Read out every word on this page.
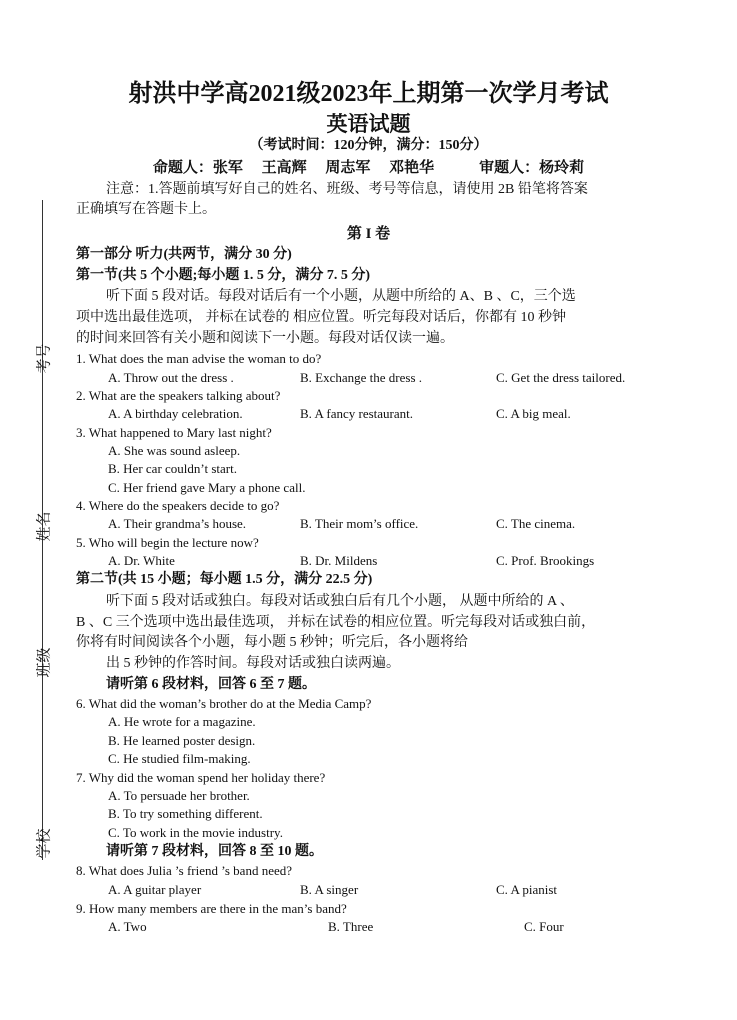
考号
姓名
班级
学校
射洪中学高2021级2023年上期第一次学月考试
英语试题
（考试时间：120分钟，满分：150分）
命题人：张军　 王高辉　 周志军　 邓艳华　　　审题人：杨玲莉
注意：1.答题前填写好自己的姓名、班级、考号等信息，请使用 2B 铅笔将答案
正确填写在答题卡上。
第 I 卷
第一部分 听力(共两节，满分 30 分)
第一节(共 5 个小题;每小题 1. 5 分，满分 7. 5 分)
听下面 5 段对话。每段对话后有一个小题，从题中所给的 A、B 、C，三个选
项中选出最佳选项， 并标在试卷的 相应位置。听完每段对话后，你都有 10 秒钟
的时间来回答有关小题和阅读下一小题。每段对话仅读一遍。
1. What does the man advise the woman to do?
A. Throw out the dress .	B. Exchange the dress .	C. Get the dress tailored.
2. What are the speakers talking about?
A. A birthday celebration.	B. A fancy restaurant.	C. A big meal.
3. What happened to Mary last night?
A. She was sound asleep.
B. Her car couldn’t start.
C. Her friend gave Mary a phone call.
4. Where do the speakers decide to go?
A. Their grandma’s house.	B. Their mom’s office.	C. The cinema.
5. Who will begin the lecture now?
A. Dr. White	B. Dr. Mildens	C. Prof. Brookings
第二节(共 15 小题；每小题 1.5 分，满分 22.5 分)
听下面 5 段对话或独白。每段对话或独白后有几个小题， 从题中所给的 A 、
B 、C 三个选项中选出最佳选项， 并标在试卷的相应位置。听完每段对话或独白前，
你将有时间阅读各个小题，每小题 5 秒钟；听完后，各小题将给
出 5 秒钟的作答时间。每段对话或独白读两遍。
请听第 6 段材料，回答 6 至 7 题。
6. What did the woman’s brother do at the Media Camp?
A. He wrote for a magazine.
B. He learned poster design.
C. He studied film-making.
7. Why did the woman spend her holiday there?
A. To persuade her brother.
B. To try something different.
C. To work in the movie industry.
请听第 7 段材料，回答 8 至 10 题。
8. What does Julia ’s friend ’s band need?
A. A guitar player	B. A singer	C. A pianist
9. How many members are there in the man’s band?
A. Two	B. Three	C. Four
